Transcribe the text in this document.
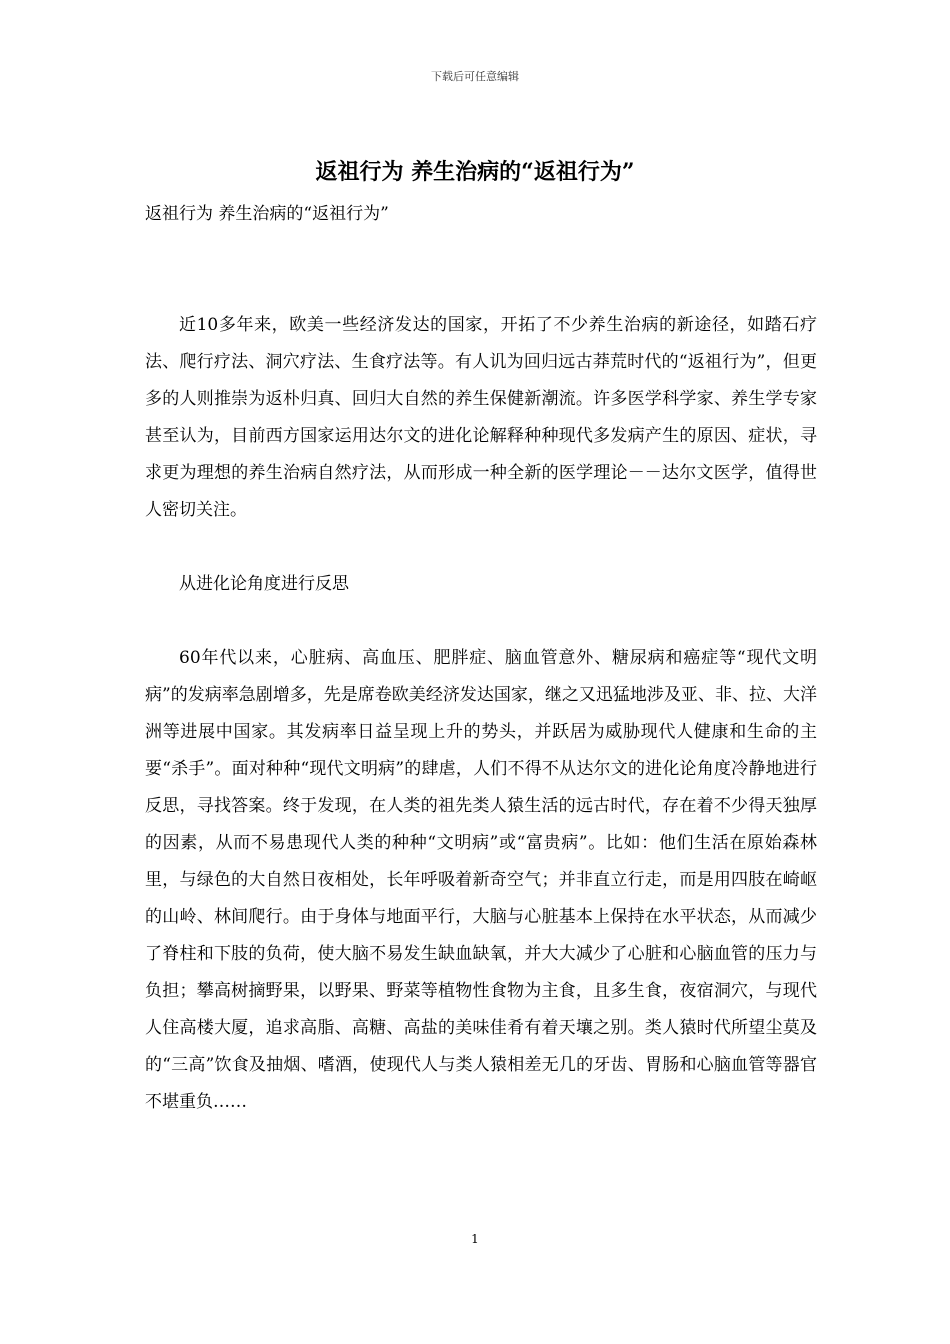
下载后可任意编辑
返祖行为 养生治病的“返祖行为”

返祖行为 养生治病的“返祖行为”

近10多年来，欧美一些经济发达的国家，开拓了不少养生治病的新途径，如踏石疗法、爬行疗法、洞穴疗法、生食疗法等。有人讥为回归远古莽荒时代的“返祖行为”，但更多的人则推崇为返朴归真、回归大自然的养生保健新潮流。许多医学科学家、养生学专家甚至认为，目前西方国家运用达尔文的进化论解释种种现代多发病产生的原因、症状，寻求更为理想的养生治病自然疗法，从而形成一种全新的医学理论－－达尔文医学，值得世人密切关注。

从进化论角度进行反思

60年代以来，心脏病、高血压、肥胖症、脑血管意外、糖尿病和癌症等“现代文明病”的发病率急剧增多，先是席卷欧美经济发达国家，继之又迅猛地涉及亚、非、拉、大洋洲等进展中国家。其发病率日益呈现上升的势头，并跃居为威胁现代人健康和生命的主要“杀手”。面对种种“现代文明病”的肆虐，人们不得不从达尔文的进化论角度冷静地进行反思，寻找答案。终于发现，在人类的祖先类人猿生活的远古时代，存在着不少得天独厚的因素，从而不易患现代人类的种种“文明病”或“富贵病”。比如：他们生活在原始森林里，与绿色的大自然日夜相处，长年呼吸着新奇空气；并非直立行走，而是用四肢在崎岖的山岭、林间爬行。由于身体与地面平行，大脑与心脏基本上保持在水平状态，从而减少了脊柱和下肢的负荷，使大脑不易发生缺血缺氧，并大大减少了心脏和心脑血管的压力与负担；攀高树摘野果，以野果、野菜等植物性食物为主食，且多生食，夜宿洞穴，与现代人住高楼大厦，追求高脂、高糖、高盐的美味佳肴有着天壤之别。类人猿时代所望尘莫及的“三高”饮食及抽烟、嗜酒，使现代人与类人猿相差无几的牙齿、胃肠和心脑血管等器官不堪重负……

1
